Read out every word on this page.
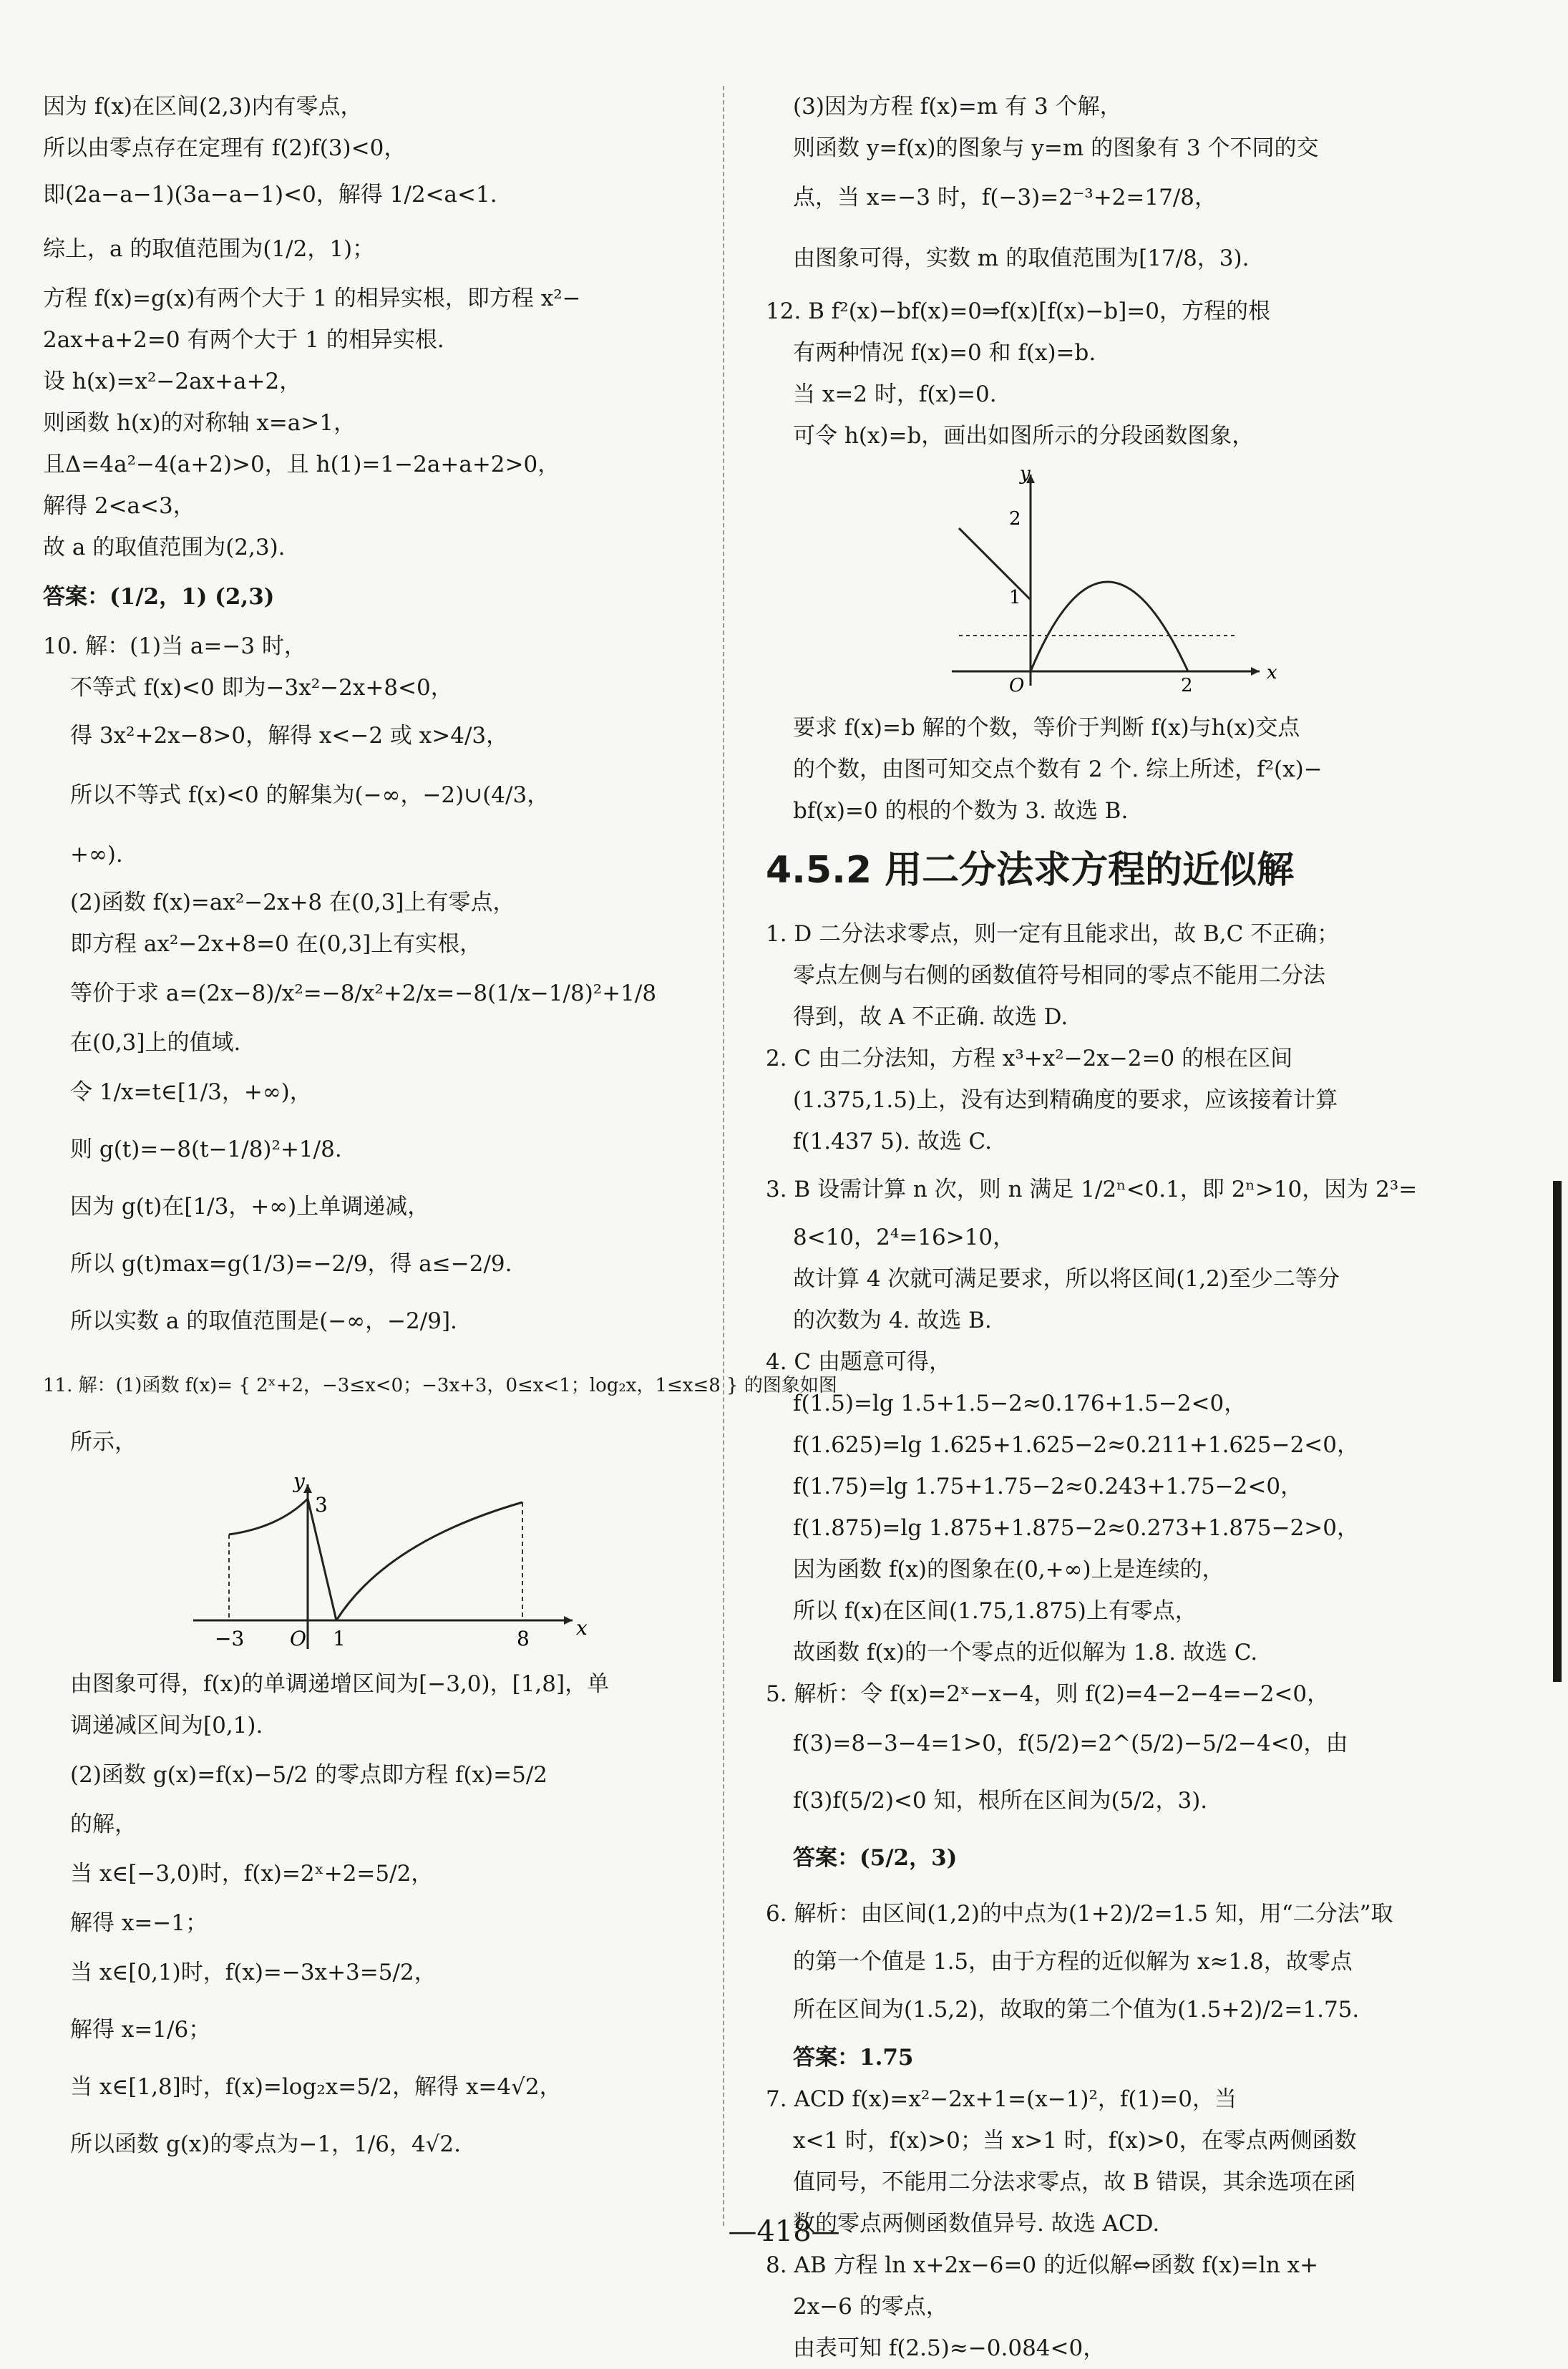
因为 f(x)在区间(2,3)内有零点，

所以由零点存在定理有 f(2)f(3)<0，

即(2a−a−1)(3a−a−1)<0，解得 1/2<a<1.

综上，a 的取值范围为(1/2，1)；

方程 f(x)=g(x)有两个大于 1 的相异实根，即方程 x²−

2ax+a+2=0 有两个大于 1 的相异实根.

设 h(x)=x²−2ax+a+2，

则函数 h(x)的对称轴 x=a>1，

且Δ=4a²−4(a+2)>0，且 h(1)=1−2a+a+2>0，

解得 2<a<3，

故 a 的取值范围为(2,3).

答案：(1/2，1) (2,3)

10. 解：(1)当 a=−3 时，

不等式 f(x)<0 即为−3x²−2x+8<0，

得 3x²+2x−8>0，解得 x<−2 或 x>4/3，

所以不等式 f(x)<0 的解集为(−∞，−2)∪(4/3，

+∞).

(2)函数 f(x)=ax²−2x+8 在(0,3]上有零点，

即方程 ax²−2x+8=0 在(0,3]上有实根，

等价于求 a=(2x−8)/x²=−8/x²+2/x=−8(1/x−1/8)²+1/8

在(0,3]上的值域.

令 1/x=t∈[1/3，+∞)，

则 g(t)=−8(t−1/8)²+1/8.

因为 g(t)在[1/3，+∞)上单调递减，

所以 g(t)max=g(1/3)=−2/9，得 a≤−2/9.

所以实数 a 的取值范围是(−∞，−2/9].

11. 解：(1)函数 f(x)= { 2ˣ+2，−3≤x<0；−3x+3，0≤x<1；log₂x，1≤x≤8 } 的图象如图

所示，

y
3
x
−3 O 1	8

由图象可得，f(x)的单调递增区间为[−3,0)，[1,8]，单

调递减区间为[0,1).

(2)函数 g(x)=f(x)−5/2 的零点即方程 f(x)=5/2

的解，

当 x∈[−3,0)时，f(x)=2ˣ+2=5/2，

解得 x=−1；

当 x∈[0,1)时，f(x)=−3x+3=5/2，

解得 x=1/6；

当 x∈[1,8]时，f(x)=log₂x=5/2，解得 x=4√2，

所以函数 g(x)的零点为−1，1/6，4√2.

(3)因为方程 f(x)=m 有 3 个解，

则函数 y=f(x)的图象与 y=m 的图象有 3 个不同的交

点，当 x=−3 时，f(−3)=2⁻³+2=17/8，

由图象可得，实数 m 的取值范围为[17/8，3).

12. B f²(x)−bf(x)=0⇒f(x)[f(x)−b]=0，方程的根

有两种情况 f(x)=0 和 f(x)=b.

当 x=2 时，f(x)=0.

可令 h(x)=b，画出如图所示的分段函数图象，

y
2
1
O	2
x

要求 f(x)=b 解的个数，等价于判断 f(x)与h(x)交点

的个数，由图可知交点个数有 2 个. 综上所述，f²(x)−

bf(x)=0 的根的个数为 3. 故选 B.

4.5.2 用二分法求方程的近似解

1. D 二分法求零点，则一定有且能求出，故 B,C 不正确；

零点左侧与右侧的函数值符号相同的零点不能用二分法

得到，故 A 不正确. 故选 D.

2. C 由二分法知，方程 x³+x²−2x−2=0 的根在区间

(1.375,1.5)上，没有达到精确度的要求，应该接着计算

f(1.437 5). 故选 C.

3. B 设需计算 n 次，则 n 满足 1/2ⁿ<0.1，即 2ⁿ>10，因为 2³=

8<10，2⁴=16>10，

故计算 4 次就可满足要求，所以将区间(1,2)至少二等分

的次数为 4. 故选 B.

4. C 由题意可得，

f(1.5)=lg 1.5+1.5−2≈0.176+1.5−2<0，

f(1.625)=lg 1.625+1.625−2≈0.211+1.625−2<0，

f(1.75)=lg 1.75+1.75−2≈0.243+1.75−2<0，

f(1.875)=lg 1.875+1.875−2≈0.273+1.875−2>0，

因为函数 f(x)的图象在(0,+∞)上是连续的，

所以 f(x)在区间(1.75,1.875)上有零点，

故函数 f(x)的一个零点的近似解为 1.8. 故选 C.

5. 解析：令 f(x)=2ˣ−x−4，则 f(2)=4−2−4=−2<0，

f(3)=8−3−4=1>0，f(5/2)=2^(5/2)−5/2−4<0，由

f(3)f(5/2)<0 知，根所在区间为(5/2，3).

答案：(5/2，3)

6. 解析：由区间(1,2)的中点为(1+2)/2=1.5 知，用“二分法”取

的第一个值是 1.5，由于方程的近似解为 x≈1.8，故零点

所在区间为(1.5,2)，故取的第二个值为(1.5+2)/2=1.75.

答案：1.75

7. ACD f(x)=x²−2x+1=(x−1)²，f(1)=0，当

x<1 时，f(x)>0；当 x>1 时，f(x)>0，在零点两侧函数

值同号，不能用二分法求零点，故 B 错误，其余选项在函

数的零点两侧函数值异号. 故选 ACD.

8. AB 方程 ln x+2x−6=0 的近似解⇔函数 f(x)=ln x+

2x−6 的零点，

由表可知 f(2.5)≈−0.084<0，

—418—
